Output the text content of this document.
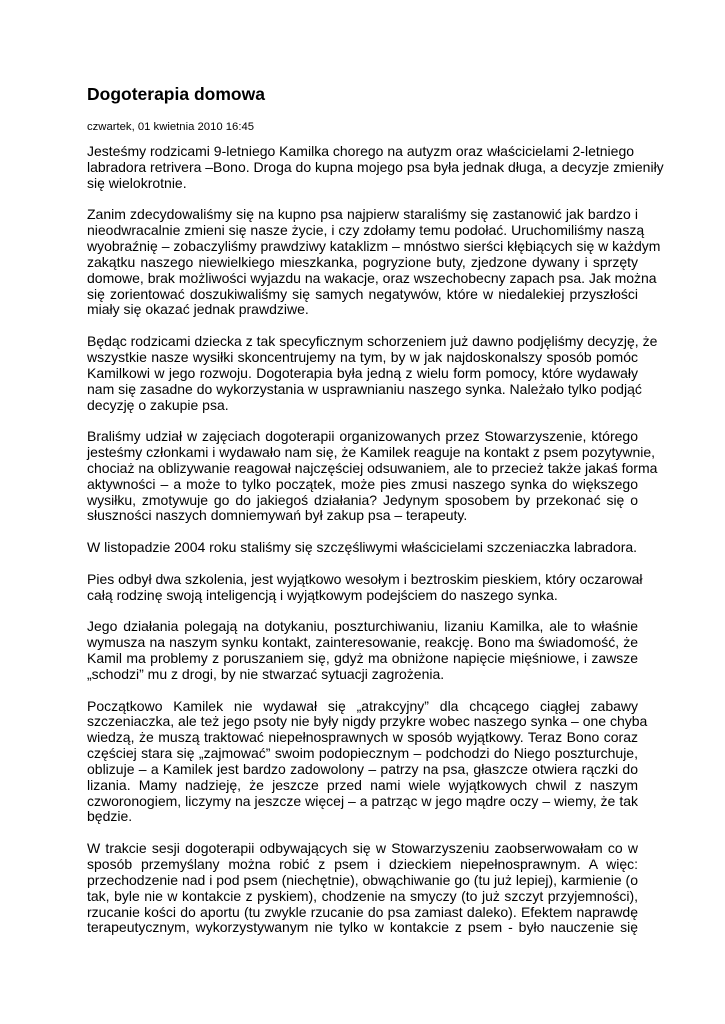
Dogoterapia domowa
czwartek, 01 kwietnia 2010 16:45

Jesteśmy rodzicami 9-letniego Kamilka chorego na autyzm oraz właścicielami 2-letniego
labradora retrivera –Bono. Droga do kupna mojego psa była jednak długa, a decyzje zmieniły
się wielokrotnie.

Zanim zdecydowaliśmy się na kupno psa najpierw staraliśmy się zastanowić jak bardzo i
nieodwracalnie zmieni się nasze życie, i czy zdołamy temu podołać. Uruchomiliśmy naszą
wyobraźnię – zobaczyliśmy prawdziwy kataklizm – mnóstwo sierści kłębiących się w każdym
zakątku naszego niewielkiego mieszkanka, pogryzione buty, zjedzone dywany i sprzęty
domowe, brak możliwości wyjazdu na wakacje, oraz wszechobecny zapach psa. Jak można
się zorientować doszukiwaliśmy się samych negatywów, które w niedalekiej przyszłości
miały się okazać jednak prawdziwe.

Będąc rodzicami dziecka z tak specyficznym schorzeniem już dawno podjęliśmy decyzję, że
wszystkie nasze wysiłki skoncentrujemy na tym, by w jak najdoskonalszy sposób pomóc
Kamilkowi w jego rozwoju. Dogoterapia była jedną z wielu form pomocy, które wydawały
nam się zasadne do wykorzystania w usprawnianiu naszego synka. Należało tylko podjąć
decyzję o zakupie psa.

Braliśmy udział w zajęciach dogoterapii organizowanych przez Stowarzyszenie, którego
jesteśmy członkami i wydawało nam się, że Kamilek reaguje na kontakt z psem pozytywnie,
chociaż na oblizywanie reagował najczęściej odsuwaniem, ale to przecież także jakaś forma
aktywności – a może to tylko początek, może pies zmusi naszego synka do większego
wysiłku, zmotywuje go do jakiegoś działania? Jedynym sposobem by przekonać się o
słuszności naszych domniemywań był zakup psa – terapeuty.

W listopadzie 2004 roku staliśmy się szczęśliwymi właścicielami szczeniaczka labradora.

Pies odbył dwa szkolenia, jest wyjątkowo wesołym i beztroskim pieskiem, który oczarował
całą rodzinę swoją inteligencją i wyjątkowym podejściem do naszego synka.

Jego działania polegają na dotykaniu, poszturchiwaniu, lizaniu Kamilka, ale to właśnie
wymusza na naszym synku kontakt, zainteresowanie, reakcję. Bono ma świadomość, że
Kamil ma problemy z poruszaniem się, gdyż ma obniżone napięcie mięśniowe, i zawsze
„schodzi” mu z drogi, by nie stwarzać sytuacji zagrożenia.

Początkowo Kamilek nie wydawał się „atrakcyjny” dla chcącego ciągłej zabawy
szczeniaczka, ale też jego psoty nie były nigdy przykre wobec naszego synka – one chyba
wiedzą, że muszą traktować niepełnosprawnych w sposób wyjątkowy. Teraz Bono coraz
częściej stara się „zajmować” swoim podopiecznym – podchodzi do Niego poszturchuje,
oblizuje – a Kamilek jest bardzo zadowolony – patrzy na psa, głaszcze otwiera rączki do
lizania. Mamy nadzieję, że jeszcze przed nami wiele wyjątkowych chwil z naszym
czworonogiem, liczymy na jeszcze więcej – a patrząc w jego mądre oczy – wiemy, że tak
będzie.

W trakcie sesji dogoterapii odbywających się w Stowarzyszeniu zaobserwowałam co w
sposób przemyślany można robić z psem i dzieckiem niepełnosprawnym. A więc:
przechodzenie nad i pod psem (niechętnie), obwąchiwanie go (tu już lepiej), karmienie (o
tak, byle nie w kontakcie z pyskiem), chodzenie na smyczy (to już szczyt przyjemności),
rzucanie kości do aportu (tu zwykle rzucanie do psa zamiast daleko). Efektem naprawdę
terapeutycznym, wykorzystywanym nie tylko w kontakcie z psem - było nauczenie się
